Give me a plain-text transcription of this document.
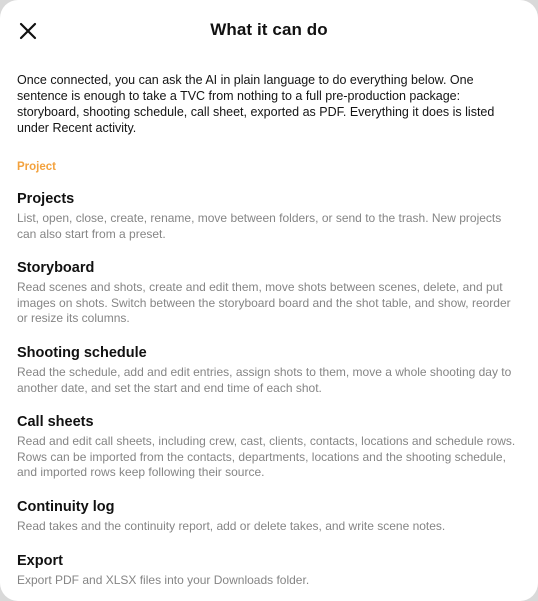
What it can do

Once connected, you can ask the AI in plain language to do everything below. One sentence is enough to take a TVC from nothing to a full pre-production package: storyboard, shooting schedule, call sheet, exported as PDF. Everything it does is listed under Recent activity.

Project

Projects

List, open, close, create, rename, move between folders, or send to the trash. New projects can also start from a preset.

Storyboard

Read scenes and shots, create and edit them, move shots between scenes, delete, and put images on shots. Switch between the storyboard board and the shot table, and show, reorder or resize its columns.

Shooting schedule

Read the schedule, add and edit entries, assign shots to them, move a whole shooting day to another date, and set the start and end time of each shot.

Call sheets

Read and edit call sheets, including crew, cast, clients, contacts, locations and schedule rows. Rows can be imported from the contacts, departments, locations and the shooting schedule, and imported rows keep following their source.

Continuity log

Read takes and the continuity report, add or delete takes, and write scene notes.

Export

Export PDF and XLSX files into your Downloads folder.
